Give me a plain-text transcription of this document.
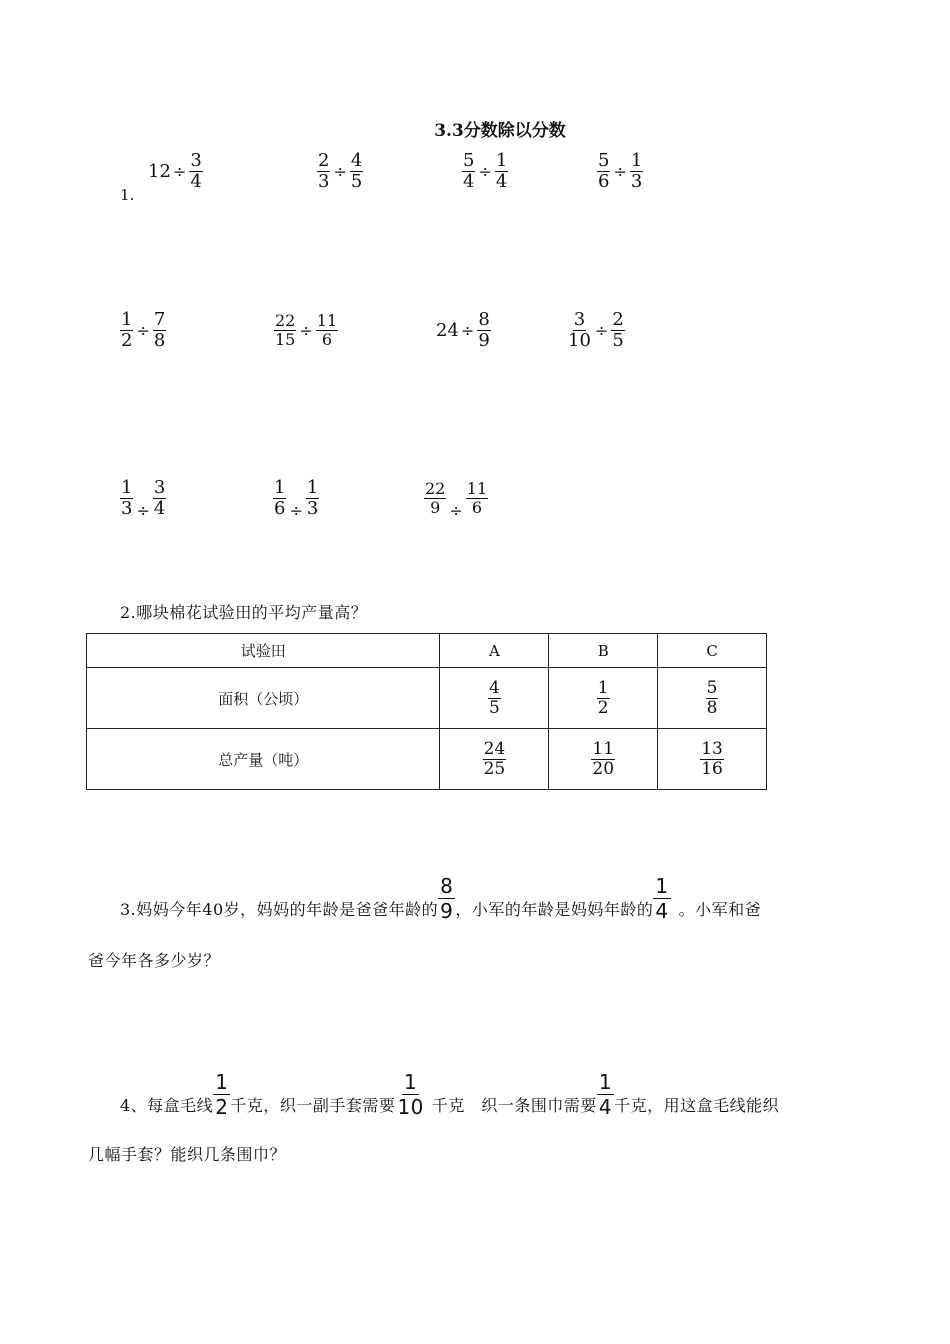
3.3分数除以分数
1.
$12 \div \frac{3}{4}$	$\frac{2}{3} \div \frac{4}{5}$	$\frac{5}{4} \div \frac{1}{4}$	$\frac{5}{6} \div \frac{1}{3}$
$\frac{1}{2} \div \frac{7}{8}$	$\frac{22}{15} \div \frac{11}{6}$	$24 \div \frac{8}{9}$	$\frac{3}{10} \div \frac{2}{5}$
$\frac{1}{3} \div \frac{3}{4}$	$\frac{1}{6} \div \frac{1}{3}$	$\frac{22}{9} \div \frac{11}{6}$
2.哪块棉花试验田的平均产量高？
试验田	A	B	C
面积（公顷）	$\frac{4}{5}$	$\frac{1}{2}$	$\frac{5}{8}$

总产量（吨）	$\frac{24}{25}$	$\frac{11}{20}$	$\frac{13}{16}$
3.妈妈今年40岁，妈妈的年龄是爸爸年龄的 $\frac{8}{9}$ ，小军的年龄是妈妈年龄的 $\frac{1}{4}$ 。小军和爸
爸今年各多少岁？
4、每盒毛线 $\frac{1}{2}$ 千克，织一副手套需要 $\frac{1}{10}$ 千克　织一条围巾需要 $\frac{1}{4}$ 千克，用这盒毛线能织
几幅手套？能织几条围巾？
